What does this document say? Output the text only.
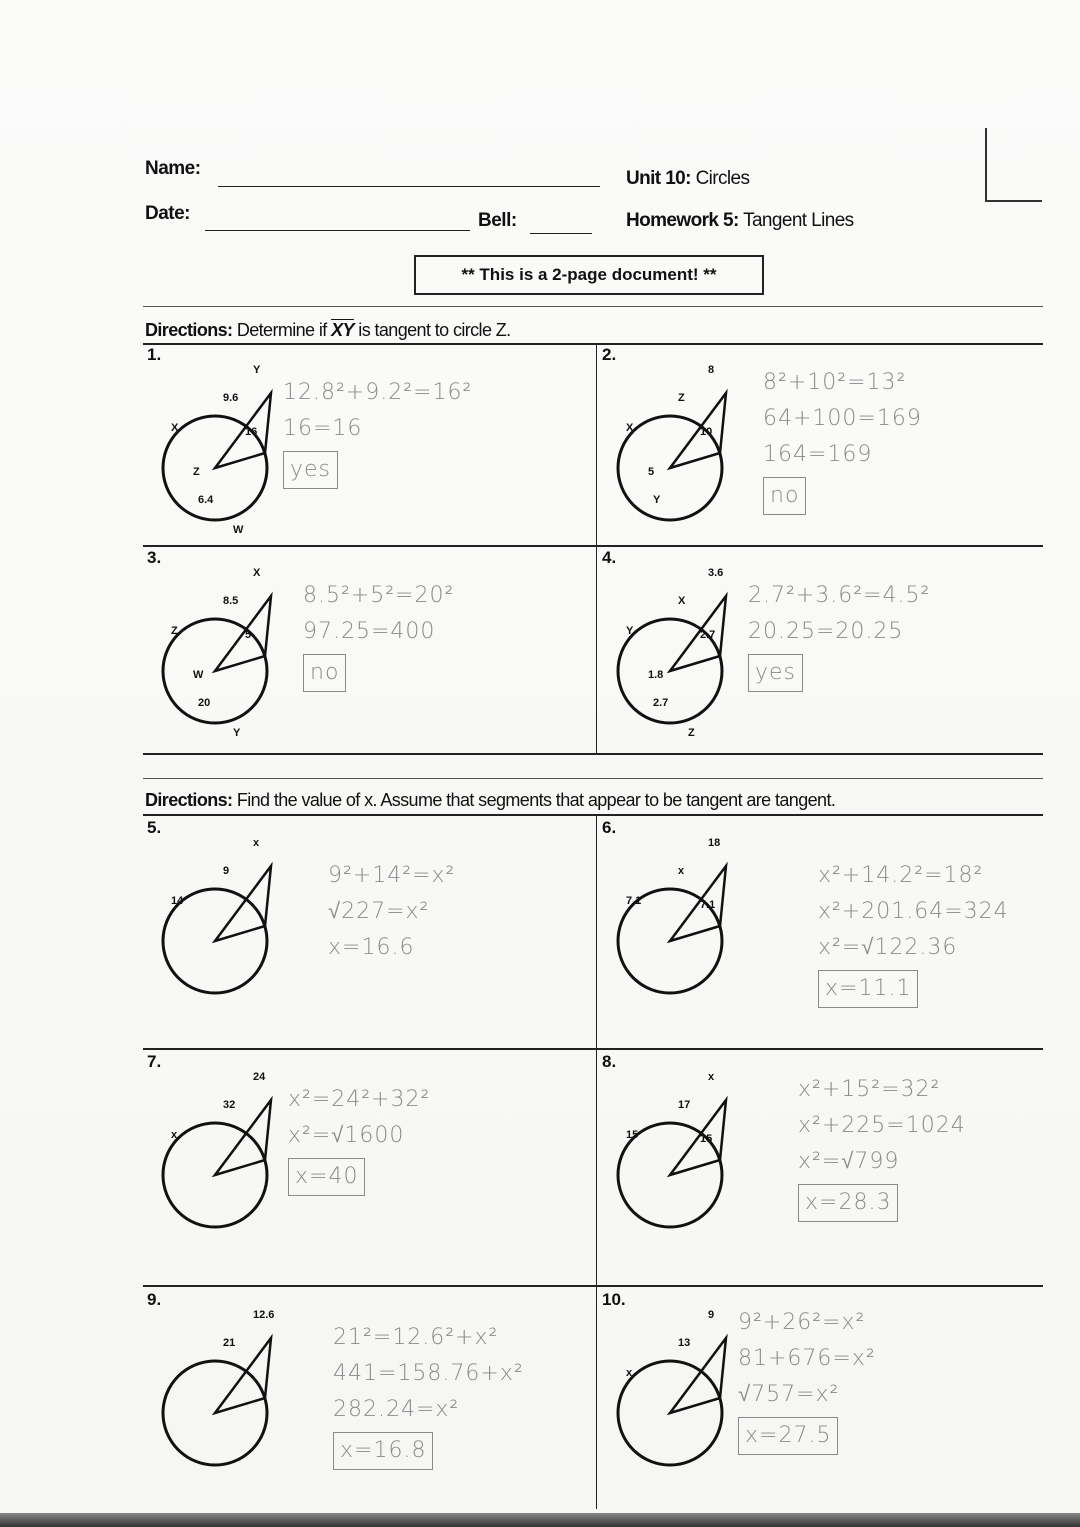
Name:
Date:	Bell:
Unit 10: Circles
Homework 5: Tangent Lines
** This is a 2-page document! **
Directions: Determine if $\overline{XY}$ is tangent to circle Z.
Directions: Find the value of x. Assume that segments that appear to be tangent are tangent.
1.
Y
9.6
X	16
Z
6.4
W
12.8²+9.2²=16²
16=16
yes
2.
8
Z
X	10
5
Y
8²+10²=13²
64+100=169
164=169
no
3.
X
8.5
Z	5
W
20
Y
8.5²+5²=20²
97.25=400
no
4.
3.6
X
Y	2.7
1.8
2.7
Z
2.7²+3.6²=4.5²
20.25=20.25
yes
5.
x
9
14
9²+14²=x²
√227=x²
x=16.6
6.
18
x
7.1	7.1
x²+14.2²=18²
x²+201.64=324
x²=√122.36
x=11.1
7.
24
32
x
x²=24²+32²
x²=√1600
x=40
8.
x
17
15	15
x²+15²=32²
x²+225=1024
x²=√799
x=28.3
9.
12.6
21	21²=12.6²+x²
441=158.76+x²
282.24=x²
x=16.8
10.
9
13
x
9²+26²=x²
81+676=x²
√757=x²
x=27.5
